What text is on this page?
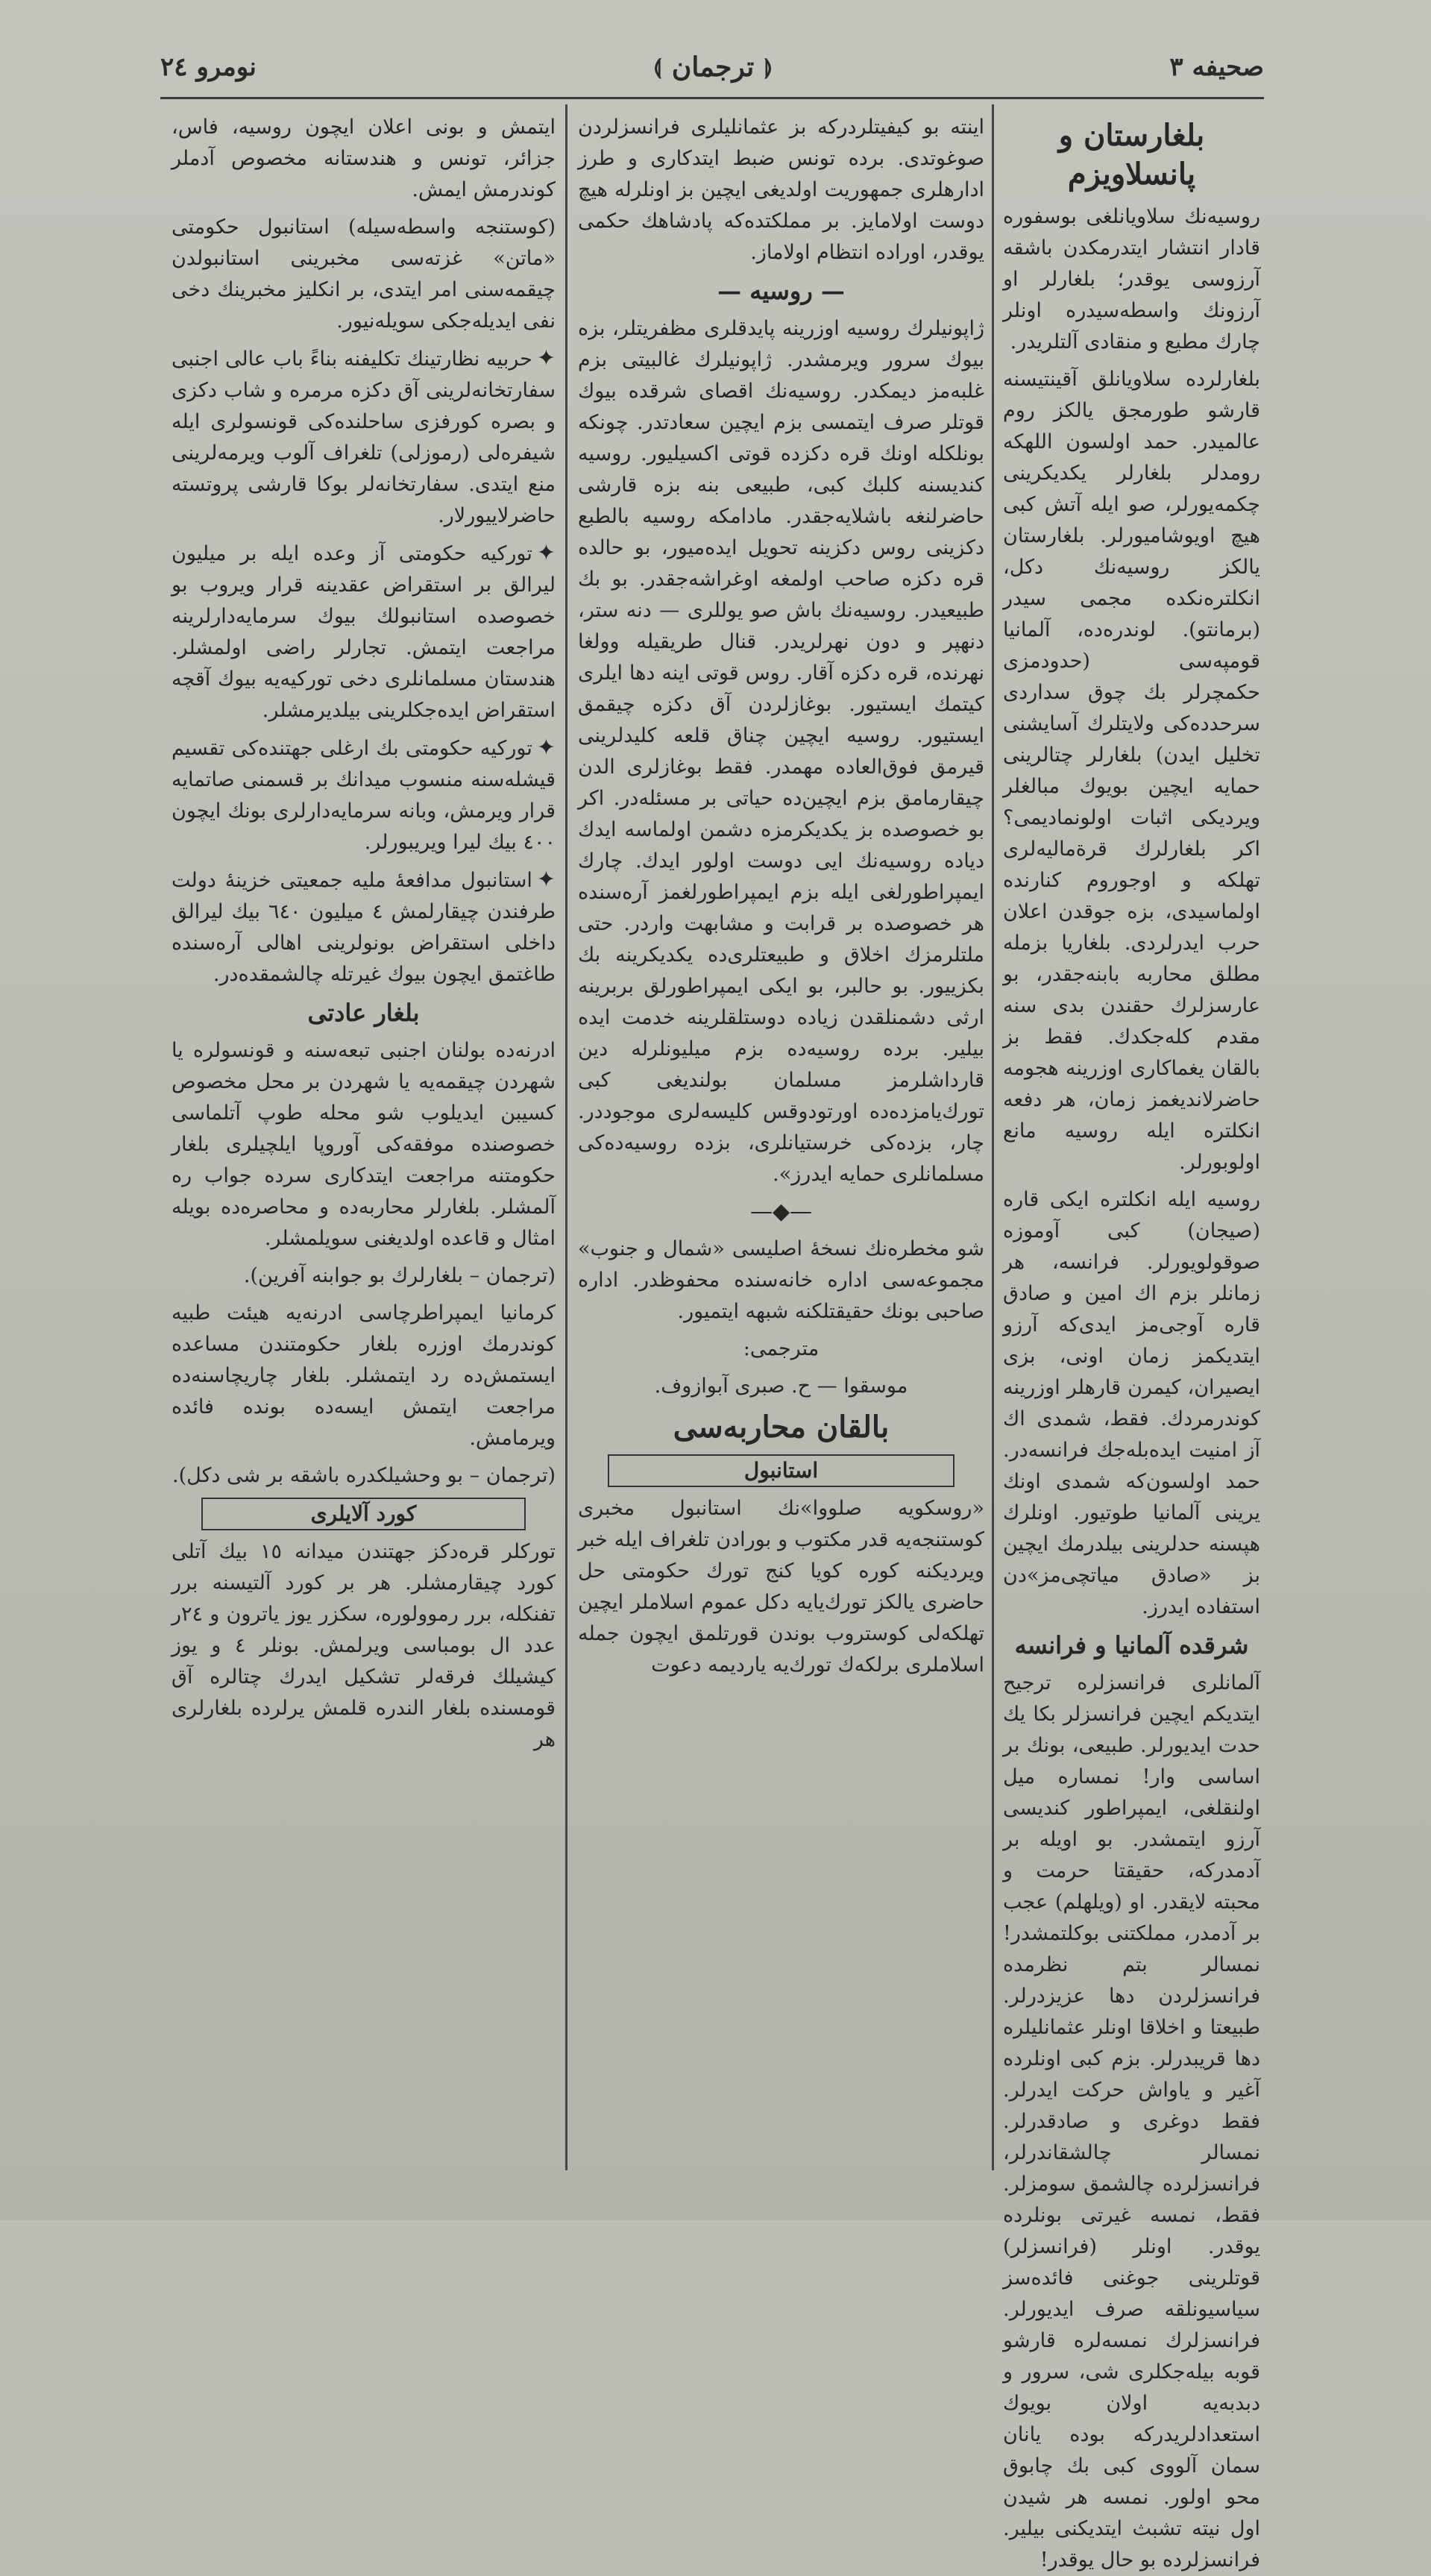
نومرو ٢٤	⟬ ترجمان ⟭	صحيفه ٣
بلغارستان و پانسلاويزم

روسيه‌نك سلاويانلغى بوسفوره قادار انتشار ايتدرمكدن باشقه آرزوسى يوقدر؛ بلغارلر او آرزونك واسطه‌سيدره اونلر چارك مطيع و منقادى آلتلريدر.

بلغارلرده سلاويانلق آقينتيسنه قارشو طورمجق يالكز روم عالميدر. حمد اولسون اللهكه رومدلر بلغارلر يكديكرينى چكمه‌يورلر، صو ايله آتش كبى هيچ اويوشاميورلر. بلغارستان يالكز روسيه‌نك دكل، انكلتره‌نكده مجمى سيدر (برمانتو). لوندره‌ده، آلمانيا قومپه‌سى (حدودمزى حكمچرلر بك چوق سداردى سرحدده‌كى ولايتلرك آسايشنى تخليل ايدن) بلغارلر چتالرينى حمايه ايچين بويوك مبالغلر ويرديكى اثبات اولونماديمى؟ اكر بلغارلرك قرةماليه‌لرى تهلكه و اوجوروم كنارنده اولماسيدى، بزه جوقدن اعلان حرب ايدرلردى. بلغاريا بزمله مطلق محاربه بابنه‌جقدر، بو عارسزلرك حقندن بدى سنه مقدم كله‌جكدك. فقط بز بالقان يغماكارى اوزرينه هجومه حاضرلانديغمز زمان، هر دفعه انكلتره ايله روسيه مانع اولوبورلر.

روسيه ايله انكلتره ايكى قاره (صيجان) كبى آوموزه صوقولويورلر. فرانسه، هر زمانلر بزم اك امين و صادق قاره آوجى‌مز ايدى‌كه آرزو ايتديكمز زمان اونى، بزى ايصيران، كيمرن قارهلر اوزرينه كوندرمردك. فقط، شمدى اك آز امنيت ايده‌بله‌جك فرانسه‌در. حمد اولسون‌كه شمدى اونك يرينى آلمانيا طوتيور. اونلرك هپسنه حدلرينى بيلدرمك ايچين بز «صادق مياتچى‌مز»دن استفاده ايدرز.

شرقده آلمانيا و فرانسه

آلمانلرى فرانسزلره ترجيح ايتديكم ايچين فرانسزلر بكا يك حدت ايديورلر. طبيعى، بونك بر اساسى وار! نمساره ميل اولنقلغى، ايمپراطور كنديسى آرزو ايتمشدر. بو اويله بر آدمدركه، حقيقتا حرمت و محبته لايقدر. او (ويلهلم) عجب بر آدمدر، مملكتنى بوكلتمشدر! نمسالر بتم نظرمده فرانسزلردن دها عزيزدرلر. طبيعتا و اخلاقا اونلر عثمانليلره دها قريبدرلر. بزم كبى اونلرده آغير و ياواش حركت ايدرلر. فقط دوغرى و صادقدرلر. نمسالر چالشقاندرلر، فرانسزلرده چالشمق سومزلر. فقط، نمسه غيرتى بونلرده يوقدر. اونلر (فرانسزلر) قوتلرينى جوغنى فائده‌سز سياسيونلقه صرف ايديورلر. فرانسزلرك نمسه‌لره قارشو قوبه بيله‌جكلرى شى، سرور و دبدبه‌يه اولان بويوك استعدادلريدركه بوده يانان سمان آلووى كبى بك چابوق محو اولور. نمسه هر شيدن اول نيته تشبث ايتديكنى بيلير. فرانسزلرده بو حال يوقدر!

اينته بو كيفيتلردركه بز عثمانليلرى فرانسزلردن صوغوتدى. برده تونس ضبط ايتدكارى و طرز ادارهلرى جمهوريت اولديغى ايچين بز اونلرله هيچ دوست اولامايز. بر مملكتده‌كه پادشاهك حكمى يوقدر، اوراده انتظام اولاماز.

— روسيه —

ژاپونيلرك روسيه اوزرينه پايدقلرى مظفريتلر، بزه بيوك سرور ويرمشدر. ژاپونيلرك غالبيتى بزم غلبه‌مز ديمكدر. روسيه‌نك اقصاى شرقده بيوك قوتلر صرف ايتمسى بزم ايچين سعادتدر. چونكه بونلكله اونك قره دكزده قوتى اكسيليور. روسيه كنديسنه كلبك كبى، طبيعى بنه بزه قارشى حاضرلنغه باشلايه‌جقدر. مادامكه روسيه بالطبع دكزينى روس دكزينه تحويل ايده‌ميور، بو حالده قره دكزه صاحب اولمغه اوغراشه‌جقدر. بو بك طبيعيدر. روسيه‌نك باش صو يوللرى — دنه ستر، دنهپر و دون نهرلريدر. قنال طريقيله وولغا نهرنده، قره دكزه آقار. روس قوتى اينه دها ايلرى كيتمك ايستيور. بوغازلردن آق دكزه چيقمق ايستيور. روسيه ايچين چناق قلعه كليدلرينى قيرمق فوق‌العاده مهمدر. فقط بوغازلرى الدن چيقارمامق بزم ايچين‌ده حياتى بر مسئله‌در. اكر بو خصوصده بز يكديكرمزه دشمن اولماسه ايدك دياده روسيه‌نك ايى دوست اولور ايدك. چارك ايمپراطورلغى ايله بزم ايمپراطورلغمز آره‌سنده هر خصوصده بر قرابت و مشابهت واردر. حتى ملتلرمزك اخلاق و طبيعتلرى‌ده يكديكرينه بك بكزييور. بو حالبر، بو ايكى ايمپراطورلق بربرينه ارثى دشمنلقدن زياده دوستلقلرينه خدمت ايده بيلير. برده روسيه‌ده بزم ميليونلرله دين قارداشلرمز مسلمان بولنديغى كبى تورك‌يامزده‌ده اورتودوقس كليسه‌لرى موجوددر. چار، بزده‌كى خرستيانلرى، بزده روسيه‌ده‌كى مسلمانلرى حمايه ايدرز».

—◆—

شو مخطره‌نك نسخهٔ اصليسى «شمال و جنوب» مجموعه‌سى اداره خانه‌سنده محفوظدر. اداره صاحبى بونك حقيقتلكنه شبهه ايتميور.

مترجمى:

موسقوا — ح. صبرى آبوازوف.

بالقان محاربه‌سى
استانبول

«روسكويه صلووا»نك استانبول مخبرى كوستنجه‌يه قدر مكتوب و بورادن تلغراف ايله خبر ويرديكنه كوره كويا كنج تورك حكومتى حل حاضرى يالكز تورك‌يايه دكل عموم اسلاملر ايچين تهلكه‌لى كوستروب بوندن قورتلمق ايچون جمله اسلاملرى برلكه‌ك تورك‌يه يارديمه دعوت

ايتمش و بونى اعلان ايچون روسيه، فاس، جزائر، تونس و هندستانه مخصوص آدملر كوندرمش ايمش.

(كوستنجه واسطه‌سيله) استانبول حكومتى «ماتن» غزته‌سى مخبرينى استانبولدن چيقمه‌سنى امر ايتدى، بر انكليز مخبرينك دخى نفى ايديله‌جكى سويله‌نيور.

✦حربيه نظارتينك تكليفنه بناءً باب عالى اجنبى سفارتخانه‌لرينى آق دكزه مرمره و شاب دكزى و بصره كورفزى ساحلنده‌كى قونسولرى ايله شيفره‌لى (رموزلى) تلغراف آلوب ويرمه‌لرينى منع ايتدى. سفارتخانه‌لر بوكا قارشى پروتسته حاضرلاييورلار.

✦توركيه حكومتى آز وعده ايله بر ميليون ليرالق بر استقراض عقدينه قرار ويروب بو خصوصده استانبولك بيوك سرمايه‌دارلرينه مراجعت ايتمش. تجارلر راضى اولمشلر. هندستان مسلمانلرى دخى توركيه‌يه بيوك آقچه استقراض ايده‌جكلرينى بيلديرمشلر.

✦توركيه حكومتى بك ارغلى جهتنده‌كى تقسيم قيشله‌سنه منسوب ميدانك بر قسمنى صاتمايه قرار ويرمش، وبانه سرمايه‌دارلرى بونك ايچون ٤٠٠ بيك ليرا ويريبورلر.

✦استانبول مدافعهٔ مليه جمعيتى خزينهٔ دولت طرفندن چيقارلمش ٤ ميليون ٦٤٠ بيك ليرالق داخلى استقراض بونولرينى اهالى آره‌سنده طاغتمق ايچون بيوك غيرتله چالشمقده‌در.

بلغار عادتى

ادرنه‌ده بولنان اجنبى تبعه‌سنه و قونسولره يا شهردن چيقمه‌يه يا شهردن بر محل مخصوص كسيبن ايديلوب شو محله طوپ آتلماسى خصوصنده موفقه‌كى آوروپا ايلچيلرى بلغار حكومتنه مراجعت ايتدكارى سرده جواب ره آلمشلر. بلغارلر محاربه‌ده و محاصره‌ده بويله امثال و قاعده اولديغنى سويلمشلر.

(ترجمان – بلغارلرك بو جوابنه آفرين).

كرمانيا ايمپراطرچاسى ادرنه‌يه هيئت طبيه كوندرمك اوزره بلغار حكومتندن مساعده ايستمش‌ده رد ايتمشلر. بلغار چاريچاسنه‌ده مراجعت ايتمش ايسه‌ده بونده فائده ويرمامش.

(ترجمان – بو وحشيلكدره باشقه بر شى دكل).

كورد آلايلرى

توركلر قره‌دكز جهتندن ميدانه ١٥ بيك آتلى كورد چيقارمشلر. هر بر كورد آلتيسنه برر تفنكله، برر رموولوره، سكزر يوز ياترون و ٢٤ر عدد ال بومباسى ويرلمش. بونلر ٤ و يوز كيشيلك فرقه‌لر تشكيل ايدرك چتالره آق قومسنده بلغار الندره قلمش يرلرده بلغارلرى هر
